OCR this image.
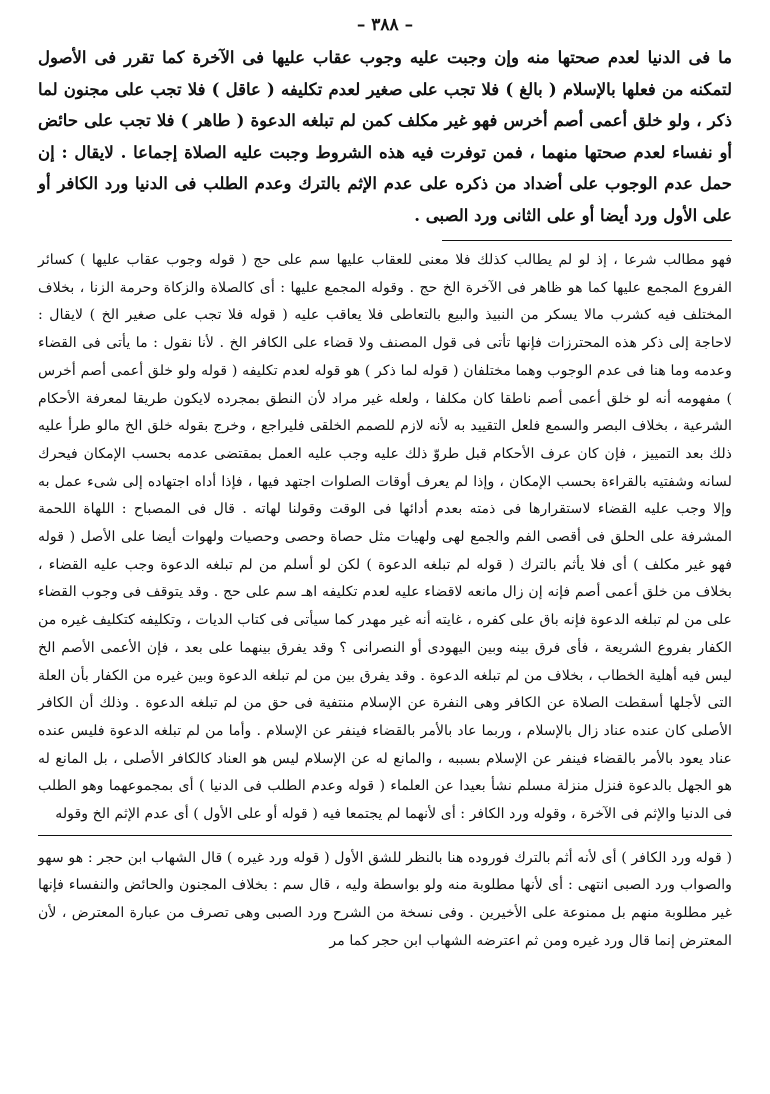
– ٣٨٨ –

ما فى الدنيا لعدم صحتها منه وإن وجبت عليه وجوب عقاب عليها فى الآخرة كما تقرر فى الأصول لتمكنه من فعلها بالإسلام ( بالغ ) فلا تجب على صغير لعدم تكليفه ( عاقل ) فلا تجب على مجنون لما ذكر ، ولو خلق أعمى أصم أخرس فهو غير مكلف كمن لم تبلغه الدعوة ( طاهر ) فلا تجب على حائض أو نفساء لعدم صحتها منهما ، فمن توفرت فيه هذه الشروط وجبت عليه الصلاة إجماعا . لايقال : إن حمل عدم الوجوب على أضداد من ذكره على عدم الإثم بالترك وعدم الطلب فى الدنيا ورد الكافر أو على الأول ورد أيضا أو على الثانى ورد الصبى .

فهو مطالب شرعا ، إذ لو لم يطالب كذلك فلا معنى للعقاب عليها سم على حج ( قوله وجوب عقاب عليها ) كسائر الفروع المجمع عليها كما هو ظاهر فى الآخرة الخ حج . وقوله المجمع عليها : أى كالصلاة والزكاة وحرمة الزنا ، بخلاف المختلف فيه كشرب مالا يسكر من النبيذ والبيع بالتعاطى فلا يعاقب عليه ( قوله فلا تجب على صغير الخ ) لايقال : لاحاجة إلى ذكر هذه المحترزات فإنها تأتى فى قول المصنف ولا قضاء على الكافر الخ . لأنا نقول : ما يأتى فى القضاء وعدمه وما هنا فى عدم الوجوب وهما مختلفان ( قوله لما ذكر ) هو قوله لعدم تكليفه ( قوله ولو خلق أعمى أصم أخرس ) مفهومه أنه لو خلق أعمى أصم ناطقا كان مكلفا ، ولعله غير مراد لأن النطق بمجرده لايكون طريقا لمعرفة الأحكام الشرعية ، بخلاف البصر والسمع فلعل التقييد به لأنه لازم للصمم الخلقى فليراجع ، وخرج بقوله خلق الخ مالو طرأ عليه ذلك بعد التمييز ، فإن كان عرف الأحكام قبل طروّ ذلك عليه وجب عليه العمل بمقتضى عدمه بحسب الإمكان فيحرك لسانه وشفتيه بالقراءة بحسب الإمكان ، وإذا لم يعرف أوقات الصلوات اجتهد فيها ، فإذا أداه اجتهاده إلى شىء عمل به وإلا وجب عليه القضاء لاستقرارها فى ذمته بعدم أدائها فى الوقت وقولنا لهاته . قال فى المصباح : اللهاة اللحمة المشرفة على الحلق فى أقصى الفم والجمع لهى ولهيات مثل حصاة وحصى وحصيات ولهوات أيضا على الأصل ( قوله فهو غير مكلف ) أى فلا يأثم بالترك ( قوله لم تبلغه الدعوة ) لكن لو أسلم من لم تبلغه الدعوة وجب عليه القضاء ، بخلاف من خلق أعمى أصم فإنه إن زال مانعه لاقضاء عليه لعدم تكليفه اهـ سم على حج . وقد يتوقف فى وجوب القضاء على من لم تبلغه الدعوة فإنه باق على كفره ، غايته أنه غير مهدر كما سيأتى فى كتاب الديات ، وتكليفه كتكليف غيره من الكفار بفروع الشريعة ، فأى فرق بينه وبين اليهودى أو النصرانى ؟ وقد يفرق بينهما على بعد ، فإن الأعمى الأصم الخ ليس فيه أهلية الخطاب ، بخلاف من لم تبلغه الدعوة . وقد يفرق بين من لم تبلغه الدعوة وبين غيره من الكفار بأن العلة التى لأجلها أسقطت الصلاة عن الكافر وهى النفرة عن الإسلام منتفية فى حق من لم تبلغه الدعوة . وذلك أن الكافر الأصلى كان عنده عناد زال بالإسلام ، وربما عاد بالأمر بالقضاء فينفر عن الإسلام . وأما من لم تبلغه الدعوة فليس عنده عناد يعود بالأمر بالقضاء فينفر عن الإسلام بسببه ، والمانع له عن الإسلام ليس هو العناد كالكافر الأصلى ، بل المانع له هو الجهل بالدعوة فنزل منزلة مسلم نشأ بعيدا عن العلماء ( قوله وعدم الطلب فى الدنيا ) أى بمجموعهما وهو الطلب فى الدنيا والإثم فى الآخرة ، وقوله ورد الكافر : أى لأنهما لم يجتمعا فيه ( قوله أو على الأول ) أى عدم الإثم الخ وقوله

( قوله ورد الكافر ) أى لأنه أثم بالترك فوروده هنا بالنظر للشق الأول ( قوله ورد غيره ) قال الشهاب ابن حجر : هو سهو والصواب ورد الصبى انتهى : أى لأنها مطلوبة منه ولو بواسطة وليه ، قال سم : بخلاف المجنون والحائض والنفساء فإنها غير مطلوبة منهم بل ممنوعة على الأخيرين . وفى نسخة من الشرح ورد الصبى وهى تصرف من عبارة المعترض ، لأن المعترض إنما قال ورد غيره ومن ثم اعترضه الشهاب ابن حجر كما مر
